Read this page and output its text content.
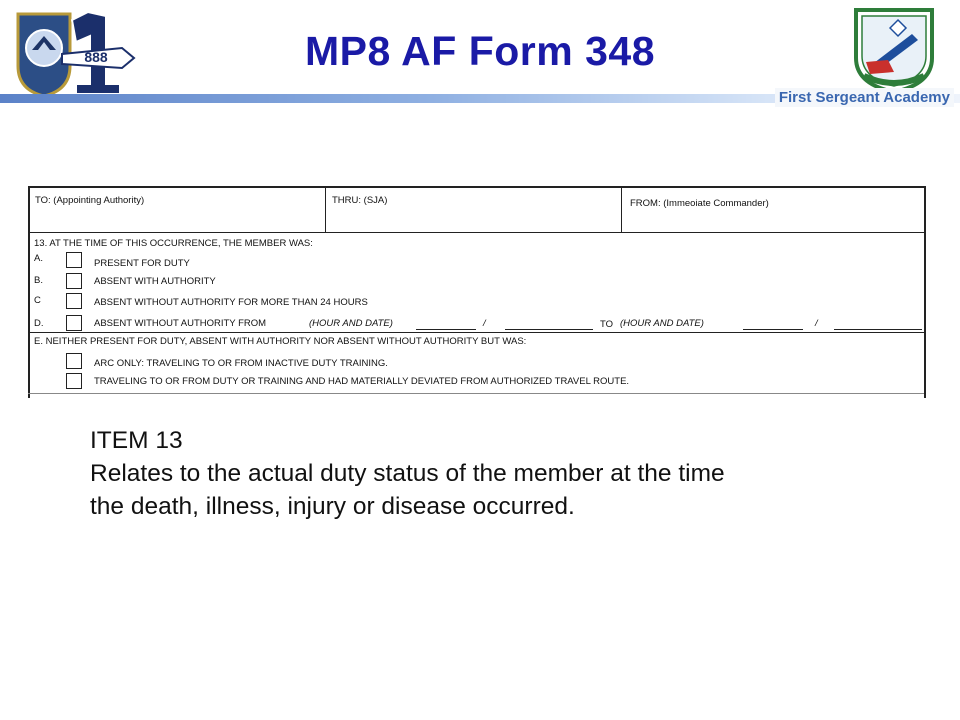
888
1
MP8 AF Form 348
First Sergeant Academy
TO: (Appointing Authority)	THRU: (SJA)	FROM: (Immeoiate Commander)
13. AT THE TIME OF THIS OCCURRENCE, THE MEMBER WAS:
A.	PRESENT FOR DUTY
B.	ABSENT WITH AUTHORITY
C	ABSENT WITHOUT AUTHORITY FOR MORE THAN 24 HOURS
D.	ABSENT WITHOUT AUTHORITY FROM	(HOUR AND DATE)	/	TO (HOUR AND DATE)	/
E. NEITHER PRESENT FOR DUTY, ABSENT WITH AUTHORITY NOR ABSENT WITHOUT AUTHORITY BUT WAS:
ARC ONLY: TRAVELING TO OR FROM INACTIVE DUTY TRAINING.
TRAVELING TO OR FROM DUTY OR TRAINING AND HAD MATERIALLY DEVIATED FROM AUTHORIZED TRAVEL ROUTE.
ITEM 13
Relates to the actual duty status of the member at the time
the death, illness, injury or disease occurred.
